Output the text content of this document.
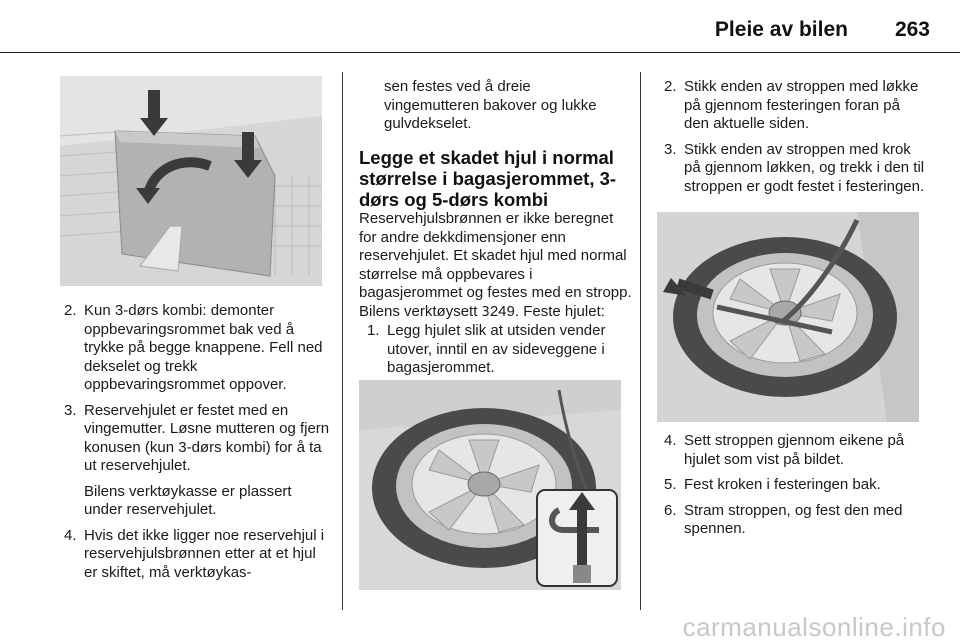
Pleie av bilen	263
2. Kun 3-dørs kombi: demonter oppbevaringsrommet bak ved å trykke på begge knappene. Fell ned dekselet og trekk oppbevaringsrommet oppover.

3. Reservehjulet er festet med en vingemutter. Løsne mutteren og fjern konusen (kun 3-dørs kombi) for å ta ut reservehjulet.

Bilens verktøykasse er plassert under reservehjulet.

4. Hvis det ikke ligger noe reservehjul i reservehjulsbrønnen etter at et hjul er skiftet, må verktøykas-

sen festes ved å dreie vingemutteren bakover og lukke gulvdekselet.

Legge et skadet hjul i normal størrelse i bagasjerommet, 3-dørs og 5-dørs kombi

Reservehjulsbrønnen er ikke beregnet for andre dekkdimensjoner enn reservehjulet. Et skadet hjul med normal størrelse må oppbevares i bagasjerommet og festes med en stropp. Bilens verktøysett 3249. Feste hjulet:

1. Legg hjulet slik at utsiden vender utover, inntil en av sideveggene i bagasjerommet.

2. Stikk enden av stroppen med løkke på gjennom festeringen foran på den aktuelle siden.

3. Stikk enden av stroppen med krok på gjennom løkken, og trekk i den til stroppen er godt festet i festeringen.

4. Sett stroppen gjennom eikene på hjulet som vist på bildet.

5. Fest kroken i festeringen bak.

6. Stram stroppen, og fest den med spennen.

carmanualsonline.info
